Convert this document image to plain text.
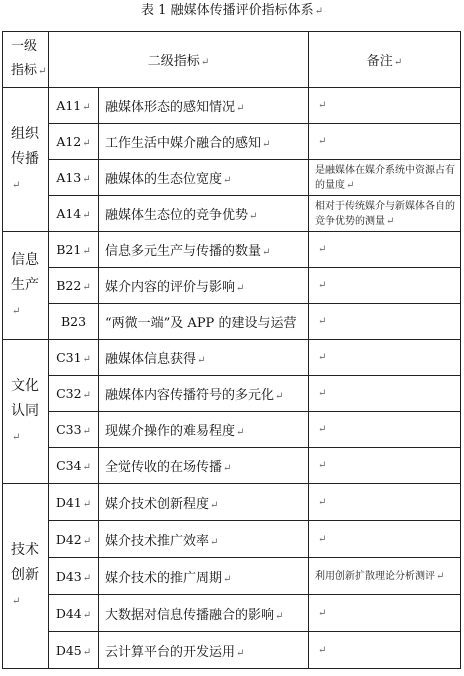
表 1 融媒体传播评价指标体系↵
一级
指标↵	二级指标↵		备注↵

组织
传播↵	A11↵	融媒体形态的感知情况↵	↵
	A12↵	工作生活中媒介融合的感知↵	↵
	A13↵	融媒体的生态位宽度↵	是融媒体在媒介系统中资源占有的量度↵
	A14↵	融媒体生态位的竞争优势↵	相对于传统媒介与新媒体各自的竞争优势的测量↵

信息
生产↵	B21↵	信息多元生产与传播的数量↵	↵
	B22↵	媒介内容的评价与影响↵	↵
	B23	“两微一端”及 APP 的建设与运营	↵

文化
认同↵	C31↵	融媒体信息获得↵	↵
	C32↵	融媒体内容传播符号的多元化↵	↵
	C33↵	现媒介操作的难易程度↵	↵
	C34↵	全觉传收的在场传播↵	↵

技术
创新↵	D41↵	媒介技术创新程度↵	↵
	D42↵	媒介技术推广效率↵	↵
	D43↵	媒介技术的推广周期↵	利用创新扩散理论分析测评↵
	D44↵	大数据对信息传播融合的影响↵	↵
	D45↵	云计算平台的开发运用↵	↵
